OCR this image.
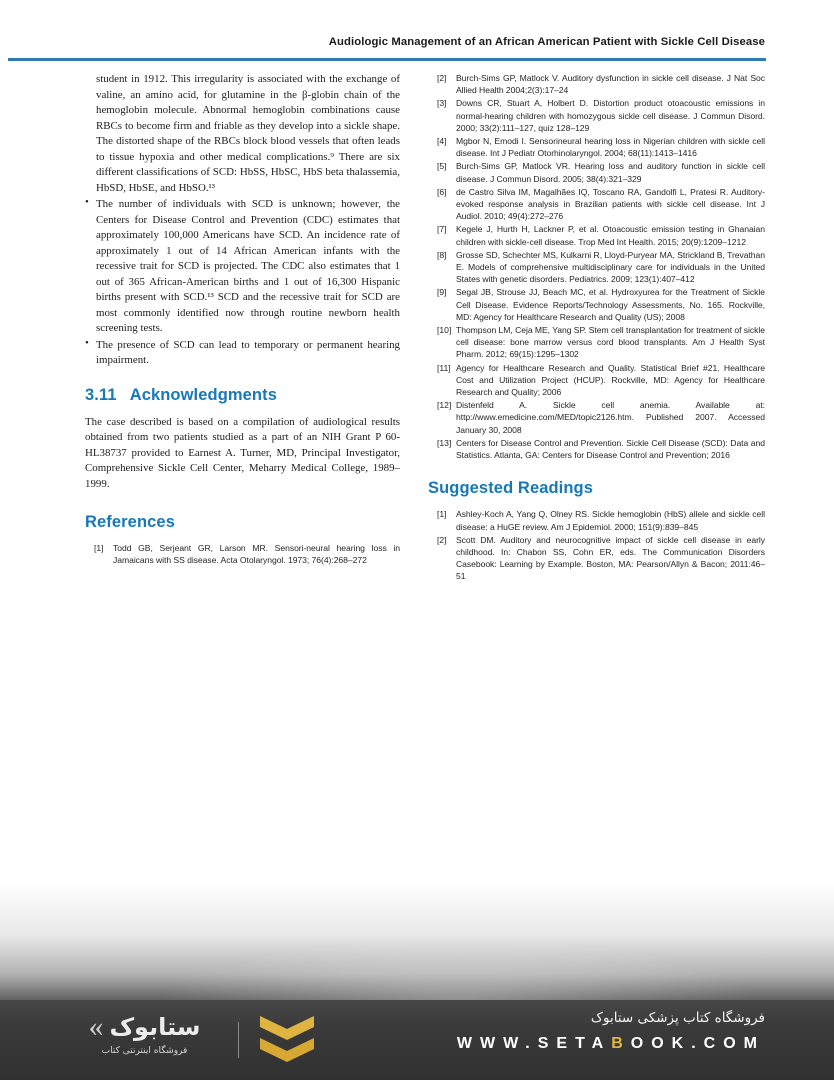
Audiologic Management of an African American Patient with Sickle Cell Disease

student in 1912. This irregularity is associated with the exchange of valine, an amino acid, for glutamine in the β-globin chain of the hemoglobin molecule. Abnormal hemoglobin combinations cause RBCs to become firm and friable as they develop into a sickle shape. The distorted shape of the RBCs block blood vessels that often leads to tissue hypoxia and other medical complications.⁹ There are six different classifications of SCD: HbSS, HbSC, HbS beta thalassemia, HbSD, HbSE, and HbSO.¹³

• The number of individuals with SCD is unknown; however, the Centers for Disease Control and Prevention (CDC) estimates that approximately 100,000 Americans have SCD. An incidence rate of approximately 1 out of 14 African American infants with the recessive trait for SCD is projected. The CDC also estimates that 1 out of 365 African-American births and 1 out of 16,300 Hispanic births present with SCD.¹³ SCD and the recessive trait for SCD are most commonly identified now through routine newborn health screening tests.

• The presence of SCD can lead to temporary or permanent hearing impairment.

3.11 Acknowledgments

The case described is based on a compilation of audiological results obtained from two patients studied as a part of an NIH Grant P 60-HL38737 provided to Earnest A. Turner, MD, Principal Investigator, Comprehensive Sickle Cell Center, Meharry Medical College, 1989–1999.

References
[1]	Todd GB, Serjeant GR, Larson MR. Sensori-neural hearing loss in Jamaicans with SS disease. Acta Otolaryngol. 1973; 76(4):268–272
[2]	Burch-Sims GP, Matlock V. Auditory dysfunction in sickle cell disease. J Nat Soc Allied Health 2004;2(3):17–24
[3]	Downs CR, Stuart A, Holbert D. Distortion product otoacoustic emissions in normal-hearing children with homozygous sickle cell disease. J Commun Disord. 2000; 33(2):111–127, quiz 128–129
[4]	Mgbor N, Emodi I. Sensorineural hearing loss in Nigerian children with sickle cell disease. Int J Pediatr Otorhinolaryngol. 2004; 68(11):1413–1416
[5]	Burch-Sims GP, Matlock VR. Hearing loss and auditory function in sickle cell disease. J Commun Disord. 2005; 38(4):321–329
[6]	de Castro Silva IM, Magalhães IQ, Toscano RA, Gandolfi L, Pratesi R. Auditory-evoked response analysis in Brazilian patients with sickle cell disease. Int J Audiol. 2010; 49(4):272–276
[7]	Kegele J, Hurth H, Lackner P, et al. Otoacoustic emission testing in Ghanaian children with sickle-cell disease. Trop Med Int Health. 2015; 20(9):1209–1212
[8]	Grosse SD, Schechter MS, Kulkarni R, Lloyd-Puryear MA, Strickland B, Trevathan E. Models of comprehensive multidisciplinary care for individuals in the United States with genetic disorders. Pediatrics. 2009; 123(1):407–412
[9]	Segal JB, Strouse JJ, Beach MC, et al. Hydroxyurea for the Treatment of Sickle Cell Disease. Evidence Reports/Technology Assessments, No. 165. Rockville, MD: Agency for Healthcare Research and Quality (US); 2008
[10] Thompson LM, Ceja ME, Yang SP. Stem cell transplantation for treatment of sickle cell disease: bone marrow versus cord blood transplants. Am J Health Syst Pharm. 2012; 69(15):1295–1302
[11] Agency for Healthcare Research and Quality. Statistical Brief #21. Healthcare Cost and Utilization Project (HCUP). Rockville, MD: Agency for Healthcare Research and Quality; 2006
[12] Distenfeld A. Sickle cell anemia. Available at: http://www.emedicine.com/MED/topic2126.htm. Published 2007. Accessed January 30, 2008
[13] Centers for Disease Control and Prevention. Sickle Cell Disease (SCD): Data and Statistics. Atlanta, GA: Centers for Disease Control and Prevention; 2016
Suggested Readings
[1]	Ashley-Koch A, Yang Q, Olney RS. Sickle hemoglobin (HbS) allele and sickle cell disease: a HuGE review. Am J Epidemiol. 2000; 151(9):839–845
[2]	Scott DM. Auditory and neurocognitive impact of sickle cell disease in early childhood. In: Chabon SS, Cohn ER, eds. The Communication Disorders Casebook: Learning by Example. Boston, MA: Pearson/Allyn & Bacon; 2011:46–51
« ستابوک
فروشگاه اینترنتی کتاب
فروشگاه کتاب پزشکی ستابوک
WWW.SETABOOK.COM
